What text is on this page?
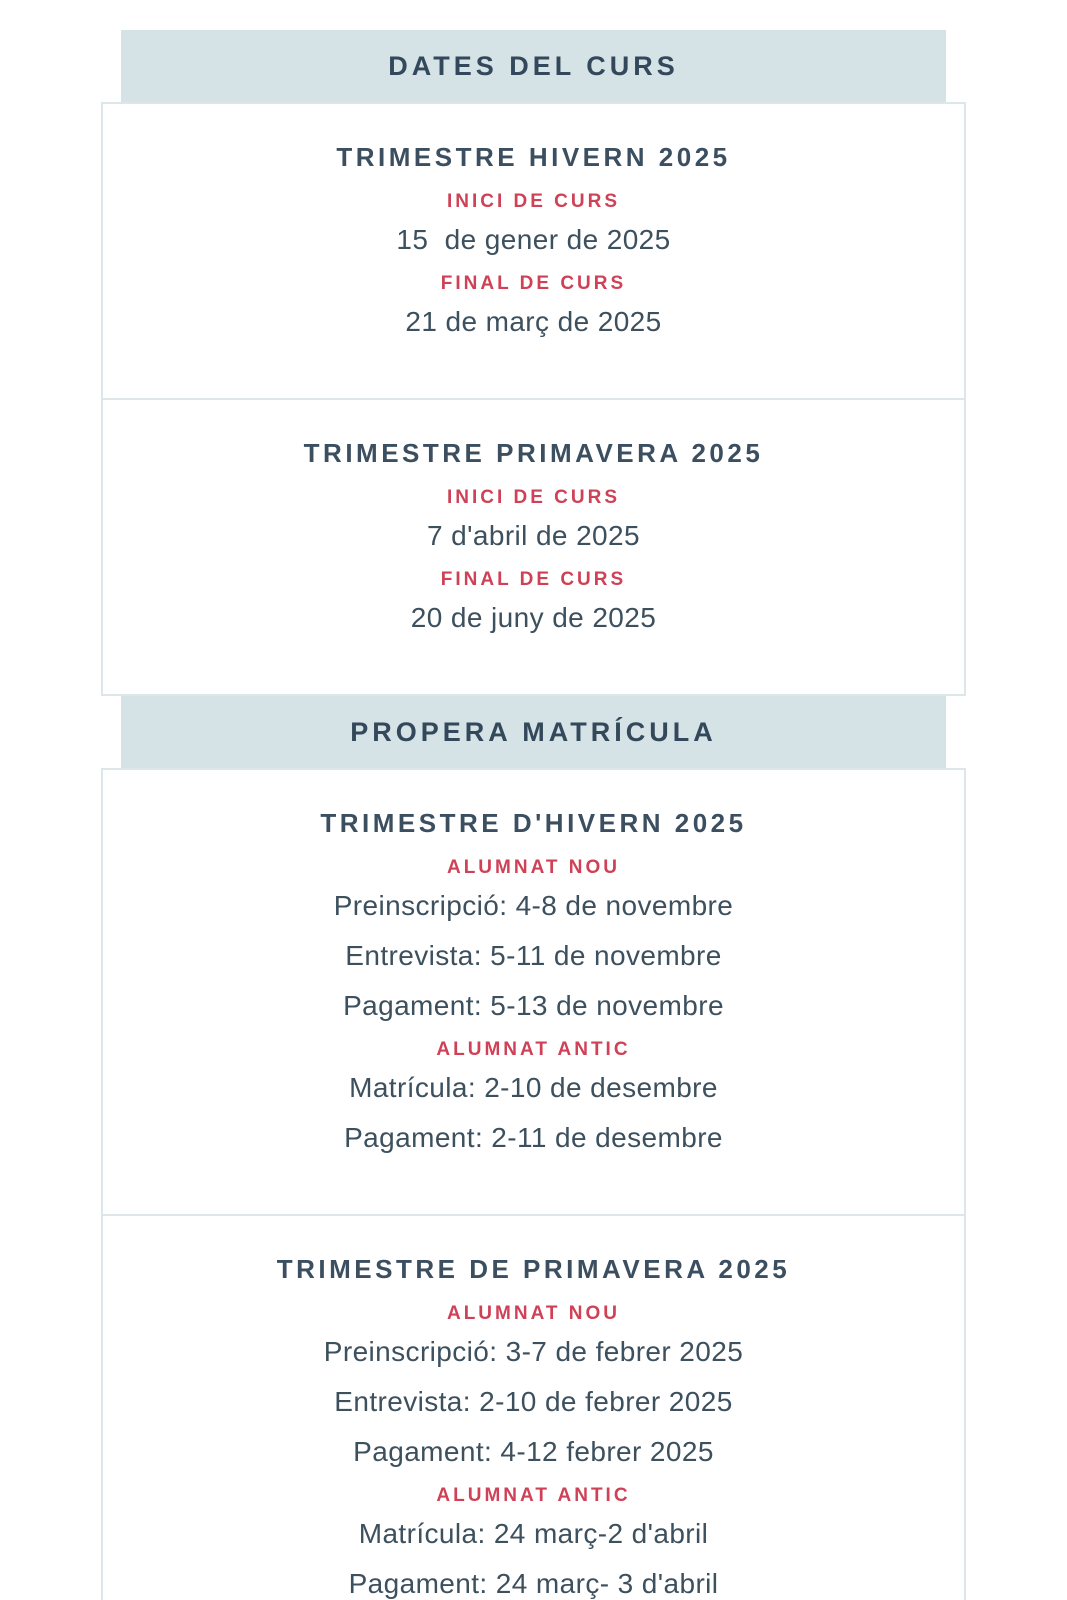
DATES DEL CURS
TRIMESTRE HIVERN 2025
INICI DE CURS
15  de gener de 2025
FINAL DE CURS
21 de març de 2025
TRIMESTRE PRIMAVERA 2025
INICI DE CURS
7 d'abril de 2025
FINAL DE CURS
20 de juny de 2025
PROPERA MATRÍCULA
TRIMESTRE D'HIVERN 2025
ALUMNAT NOU
Preinscripció: 4-8 de novembre
Entrevista: 5-11 de novembre
Pagament: 5-13 de novembre
ALUMNAT ANTIC
Matrícula: 2-10 de desembre
Pagament: 2-11 de desembre
TRIMESTRE DE PRIMAVERA 2025
ALUMNAT NOU
Preinscripció: 3-7 de febrer 2025
Entrevista: 2-10 de febrer 2025
Pagament: 4-12 febrer 2025
ALUMNAT ANTIC
Matrícula: 24 març-2 d'abril
Pagament: 24 març- 3 d'abril
